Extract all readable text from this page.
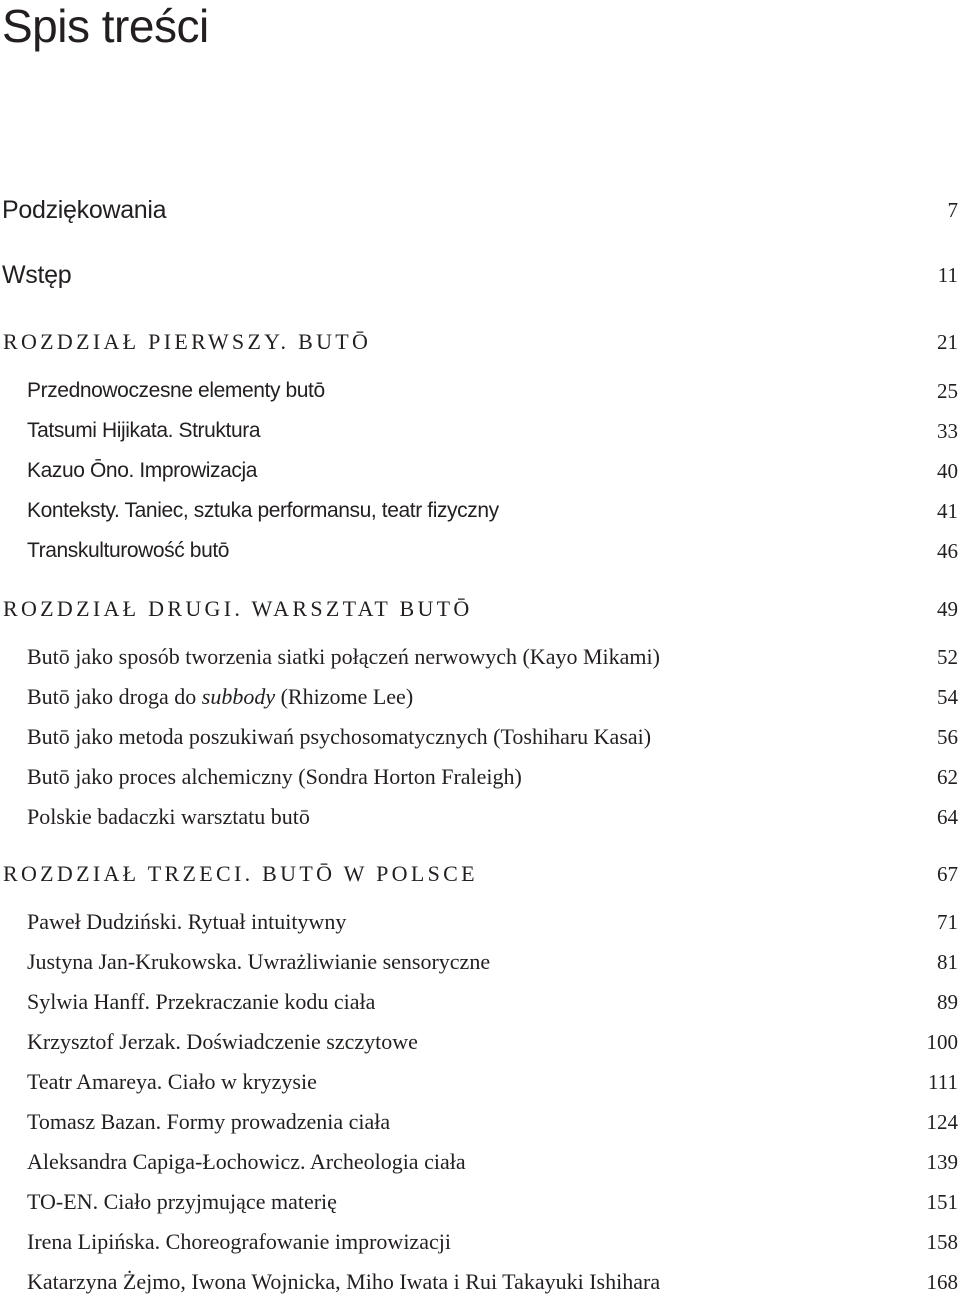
Spis treści
Podziękowania	7
Wstęp	11
ROZDZIAŁ PIERWSZY. BUTŌ	21
Przednowoczesne elementy butō	25
Tatsumi Hijikata. Struktura	33
Kazuo Ōno. Improwizacja	40
Konteksty. Taniec, sztuka performansu, teatr fizyczny	41
Transkulturowość butō	46
ROZDZIAŁ DRUGI. WARSZTAT BUTŌ	49
Butō jako sposób tworzenia siatki połączeń nerwowych (Kayo Mikami)	52
Butō jako droga do subbody (Rhizome Lee)	54
Butō jako metoda poszukiwań psychosomatycznych (Toshiharu Kasai)	56
Butō jako proces alchemiczny (Sondra Horton Fraleigh)	62
Polskie badaczki warsztatu butō	64
ROZDZIAŁ TRZECI. BUTŌ W POLSCE	67
Paweł Dudziński. Rytuał intuitywny	71
Justyna Jan-Krukowska. Uwrażliwianie sensoryczne	81
Sylwia Hanff. Przekraczanie kodu ciała	89
Krzysztof Jerzak. Doświadczenie szczytowe	100
Teatr Amareya. Ciało w kryzysie	111
Tomasz Bazan. Formy prowadzenia ciała	124
Aleksandra Capiga-Łochowicz. Archeologia ciała	139
TO-EN. Ciało przyjmujące materię	151
Irena Lipińska. Choreografowanie improwizacji	158
Katarzyna Żejmo, Iwona Wojnicka, Miho Iwata i Rui Takayuki Ishihara	168
